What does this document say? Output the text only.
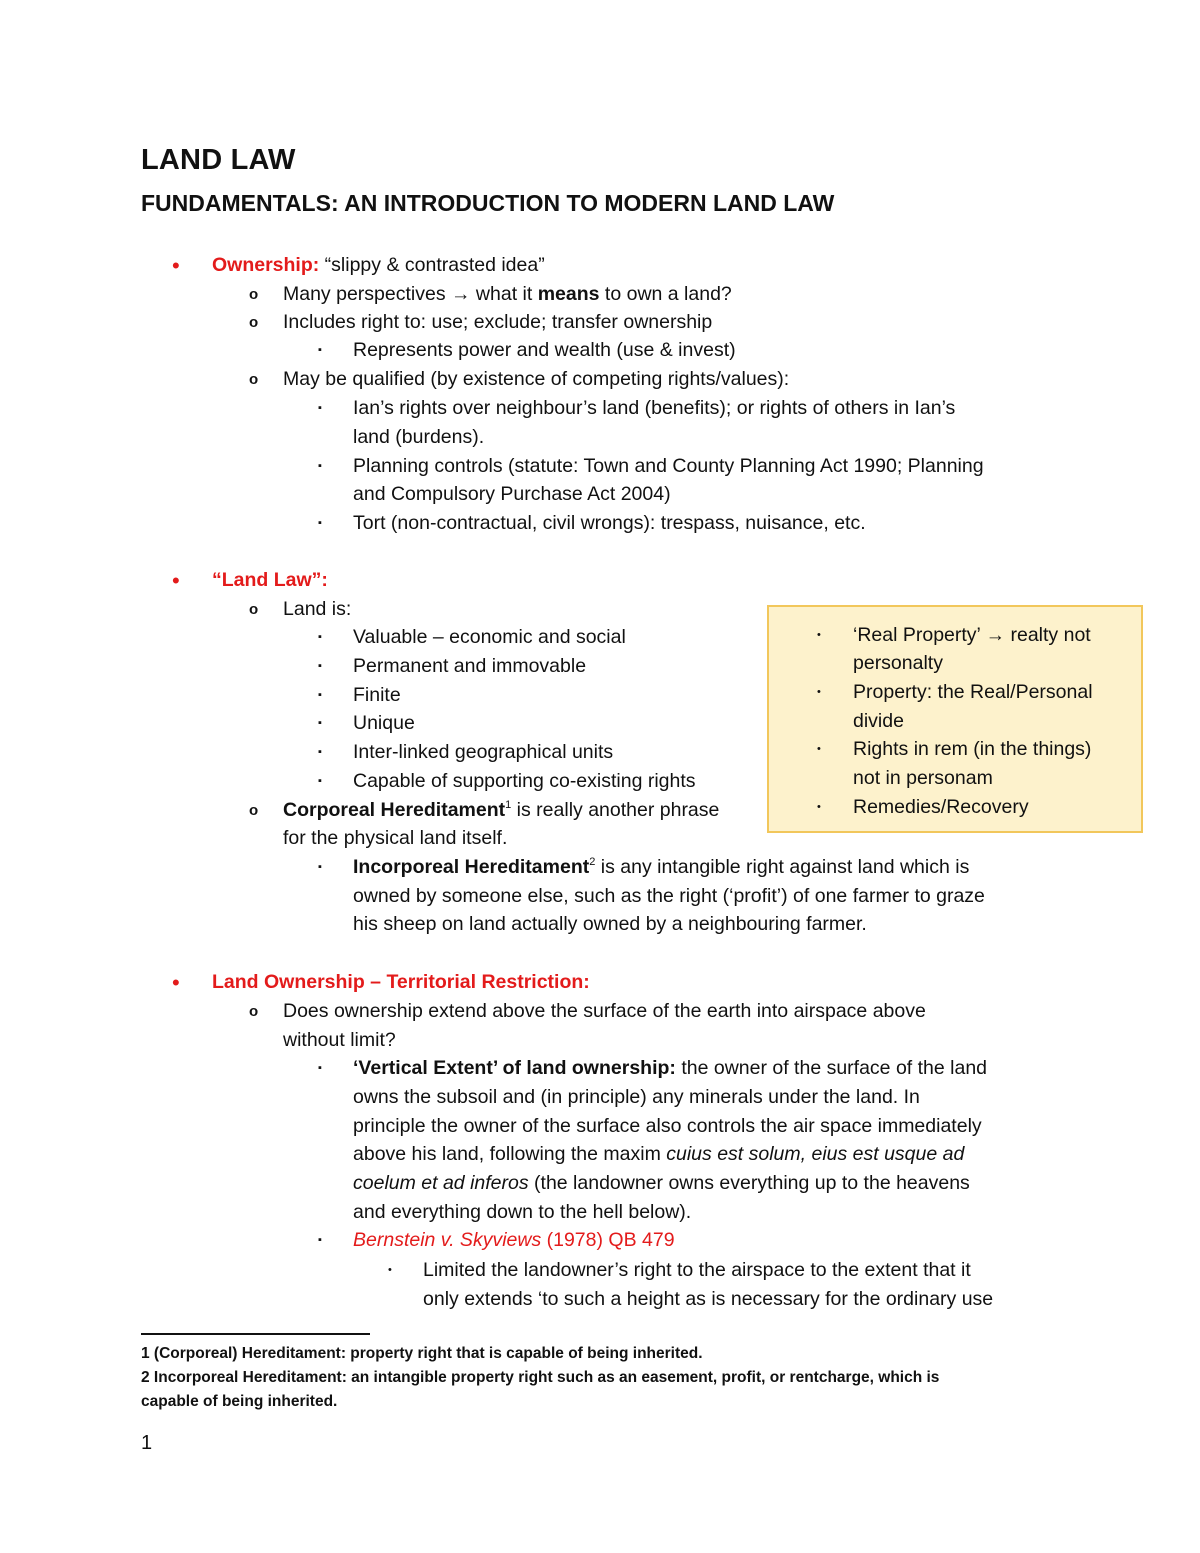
LAND LAW
FUNDAMENTALS: AN INTRODUCTION TO MODERN LAND LAW
• Ownership: “slippy & contrasted idea”
o Many perspectives → what it means to own a land?
o Includes right to: use; exclude; transfer ownership
▪ Represents power and wealth (use & invest)
o May be qualified (by existence of competing rights/values):
▪ Ian’s rights over neighbour’s land (benefits); or rights of others in Ian’s
land (burdens).
▪ Planning controls (statute: Town and County Planning Act 1990; Planning
and Compulsory Purchase Act 2004)
▪ Tort (non-contractual, civil wrongs): trespass, nuisance, etc.
• “Land Law”:
o Land is:
▪ Valuable – economic and social
▪ Permanent and immovable
▪ Finite
▪ Unique
▪ Inter-linked geographical units
▪ Capable of supporting co-existing rights
o Corporeal Hereditament$^1$ is really another phrase
for the physical land itself.
▪ Incorporeal Hereditament$^2$ is any intangible right against land which is
owned by someone else, such as the right (‘profit’) of one farmer to graze
his sheep on land actually owned by a neighbouring farmer.
• ‘Real Property’ → realty not
personalty
• Property: the Real/Personal
divide
• Rights in rem (in the things)
not in personam
• Remedies/Recovery
• Land Ownership – Territorial Restriction:
o Does ownership extend above the surface of the earth into airspace above
without limit?
▪ ‘Vertical Extent’ of land ownership: the owner of the surface of the land
owns the subsoil and (in principle) any minerals under the land. In
principle the owner of the surface also controls the air space immediately
above his land, following the maxim cuius est solum, eius est usque ad
coelum et ad inferos (the landowner owns everything up to the heavens
and everything down to the hell below).
▪ Bernstein v. Skyviews (1978) QB 479
• Limited the landowner’s right to the airspace to the extent that it
only extends ‘to such a height as is necessary for the ordinary use
1 (Corporeal) Hereditament: property right that is capable of being inherited.
2 Incorporeal Hereditament: an intangible property right such as an easement, profit, or rentcharge, which is
capable of being inherited.
1
